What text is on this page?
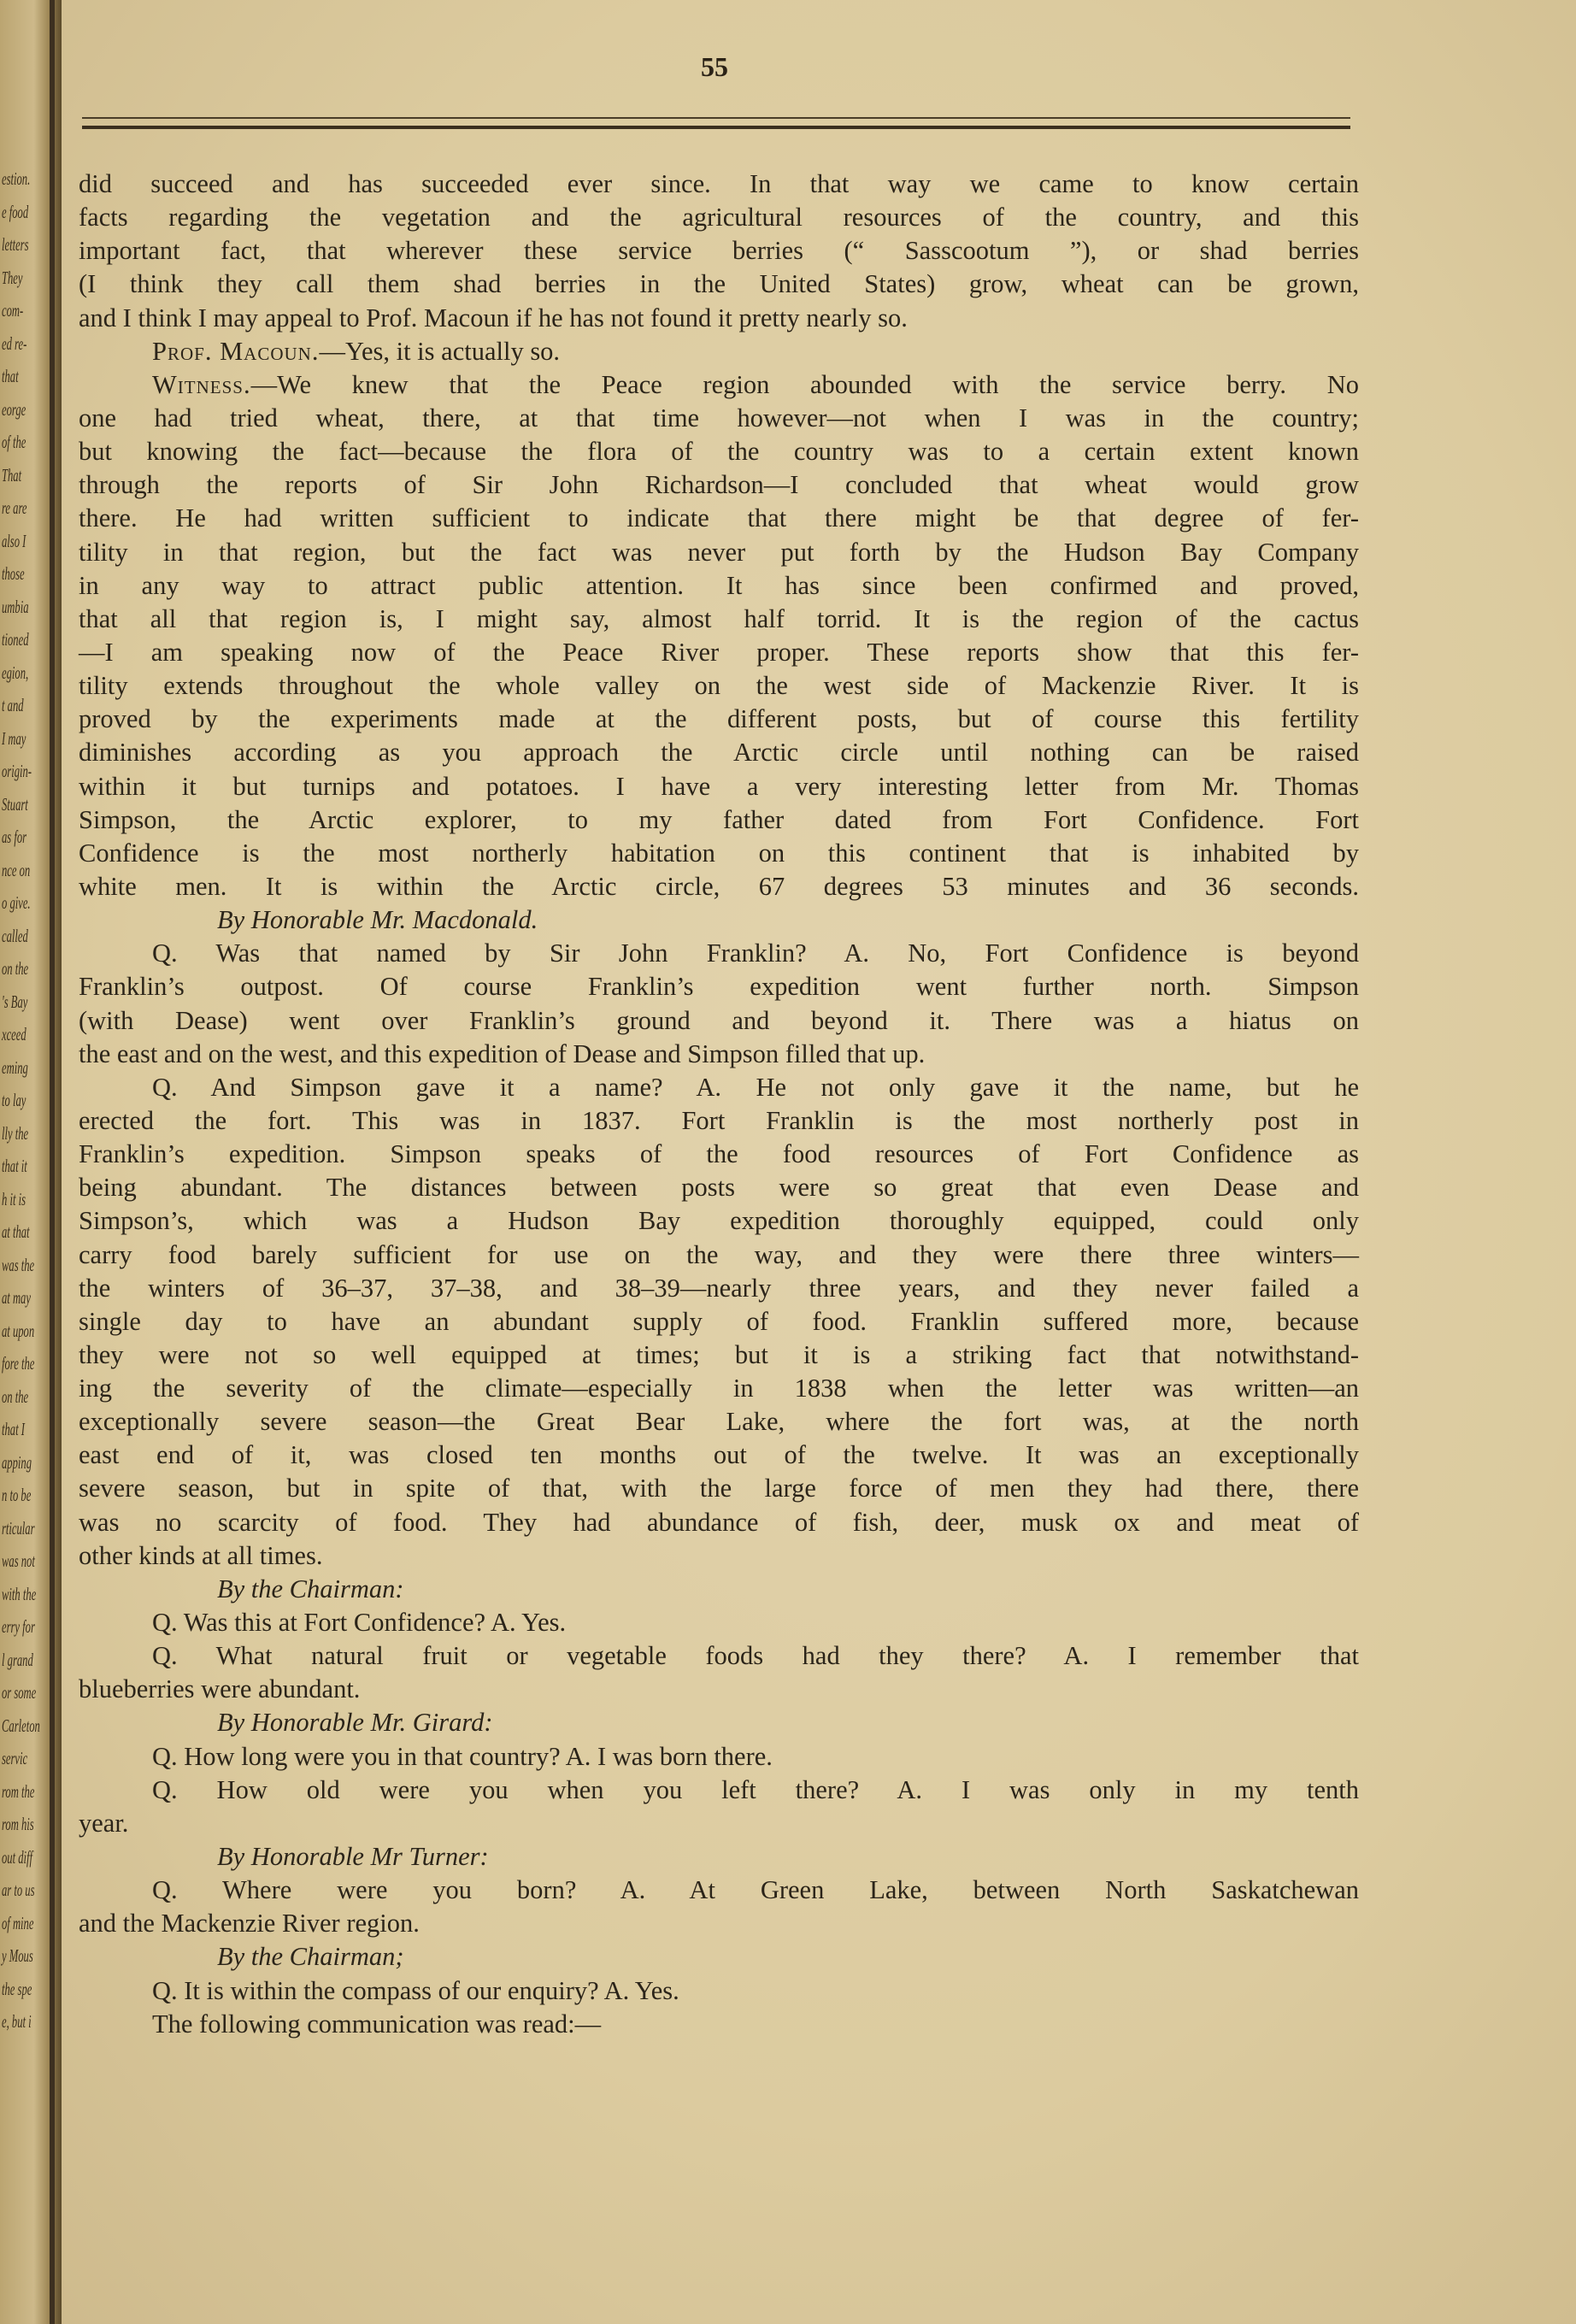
estion.
e food
letters
They
com-
ed re-
that
eorge
of the
That
re are
also I
those
umbia
tioned
egion,
t and
I may
origin-
Stuart
as for
nce on
o give.
called
on the
's Bay
xceed
eming
to lay
lly the
that it
h it is
at that
was the
at may
at upon
fore the
on the
that I
apping
n to be
rticular
was not
with the
erry for
l grand
or some
Carleton
servic
rom the
rom his
out diff
ar to us
of mine
y Mous
the spe
e, but i
55
did succeed and has succeeded ever since. In that way we came to know certain
facts regarding the vegetation and the agricultural resources of the country, and this
important fact, that wherever these service berries (“ Sasscootum ”), or shad berries
(I think they call them shad berries in the United States) grow, wheat can be grown,
and I think I may appeal to Prof. Macoun if he has not found it pretty nearly so.
Prof. Macoun.—Yes, it is actually so.
Witness.—We knew that the Peace region abounded with the service berry. No
one had tried wheat, there, at that time however—not when I was in the country;
but knowing the fact—because the flora of the country was to a certain extent known
through the reports of Sir John Richardson—I concluded that wheat would grow
there. He had written sufficient to indicate that there might be that degree of fer-
tility in that region, but the fact was never put forth by the Hudson Bay Company
in any way to attract public attention. It has since been confirmed and proved,
that all that region is, I might say, almost half torrid. It is the region of the cactus
—I am speaking now of the Peace River proper. These reports show that this fer-
tility extends throughout the whole valley on the west side of Mackenzie River. It is
proved by the experiments made at the different posts, but of course this fertility
diminishes according as you approach the Arctic circle until nothing can be raised
within it but turnips and potatoes. I have a very interesting letter from Mr. Thomas
Simpson, the Arctic explorer, to my father dated from Fort Confidence. Fort
Confidence is the most northerly habitation on this continent that is inhabited by
white men. It is within the Arctic circle, 67 degrees 53 minutes and 36 seconds.
By Honorable Mr. Macdonald.
Q. Was that named by Sir John Franklin? A. No, Fort Confidence is beyond
Franklin’s outpost. Of course Franklin’s expedition went further north. Simpson
(with Dease) went over Franklin’s ground and beyond it. There was a hiatus on
the east and on the west, and this expedition of Dease and Simpson filled that up.
Q. And Simpson gave it a name? A. He not only gave it the name, but he
erected the fort. This was in 1837. Fort Franklin is the most northerly post in
Franklin’s expedition. Simpson speaks of the food resources of Fort Confidence as
being abundant. The distances between posts were so great that even Dease and
Simpson’s, which was a Hudson Bay expedition thoroughly equipped, could only
carry food barely sufficient for use on the way, and they were there three winters—
the winters of 36–37, 37–38, and 38–39—nearly three years, and they never failed a
single day to have an abundant supply of food. Franklin suffered more, because
they were not so well equipped at times; but it is a striking fact that notwithstand-
ing the severity of the climate—especially in 1838 when the letter was written—an
exceptionally severe season—the Great Bear Lake, where the fort was, at the north
east end of it, was closed ten months out of the twelve. It was an exceptionally
severe season, but in spite of that, with the large force of men they had there, there
was no scarcity of food. They had abundance of fish, deer, musk ox and meat of
other kinds at all times.
By the Chairman:
Q. Was this at Fort Confidence? A. Yes.
Q. What natural fruit or vegetable foods had they there? A. I remember that
blueberries were abundant.
By Honorable Mr. Girard:
Q. How long were you in that country? A. I was born there.
Q. How old were you when you left there? A. I was only in my tenth
year.
By Honorable Mr Turner:
Q. Where were you born? A. At Green Lake, between North Saskatchewan
and the Mackenzie River region.
By the Chairman;
Q. It is within the compass of our enquiry? A. Yes.
The following communication was read:—
